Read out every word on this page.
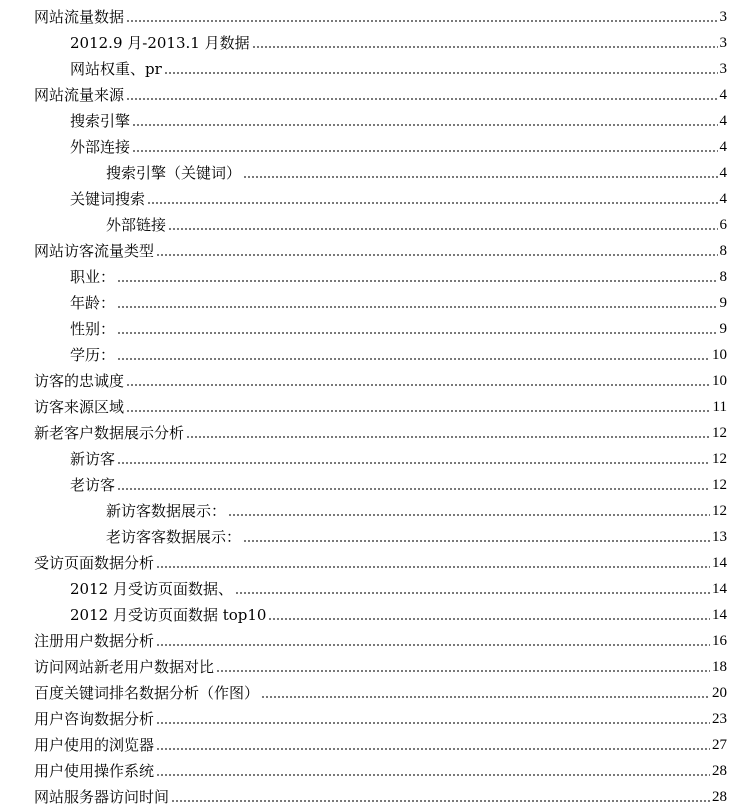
网站流量数据	3
2012.9 月-2013.1 月数据	3
网站权重、pr	3
网站流量来源	4
搜索引擎	4
外部连接	4
搜索引擎（关键词）	4
关键词搜索	4
外部链接	6
网站访客流量类型	8
职业：	8
年龄：	9
性别：	9
学历：	10
访客的忠诚度	10
访客来源区域	11
新老客户数据展示分析	12
新访客	12
老访客	12
新访客数据展示：	12
老访客客数据展示：	13
受访页面数据分析	14
2012 月受访页面数据、	14
2012 月受访页面数据 top10	14
注册用户数据分析	16
访问网站新老用户数据对比	18
百度关键词排名数据分析（作图）	20
用户咨询数据分析	23
用户使用的浏览器	27
用户使用操作系统	28
网站服务器访问时间	28
